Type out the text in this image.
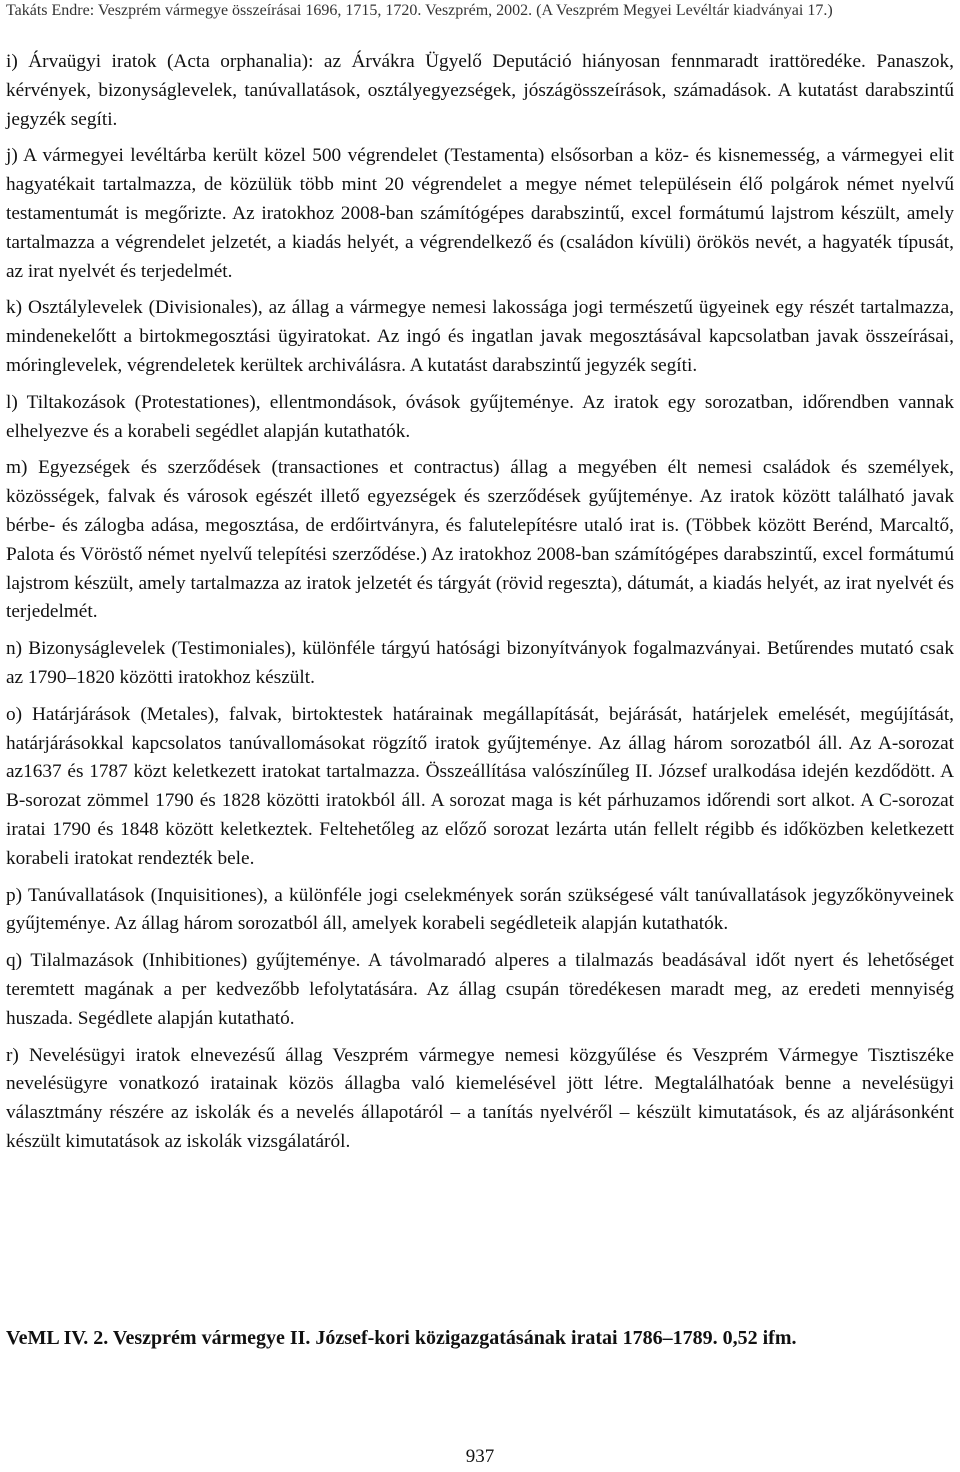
Takáts Endre: Veszprém vármegye összeírásai 1696, 1715, 1720. Veszprém, 2002. (A Veszprém Megyei Levéltár kiadványai 17.)

i) Árvaügyi iratok (Acta orphanalia): az Árvákra Ügyelő Deputáció hiányosan fennmaradt irattöredéke. Panaszok, kérvények, bizonyságlevelek, tanúvallatások, osztályegyezségek, jószágösszeírások, számadások. A kutatást darabszintű jegyzék segíti.

j) A vármegyei levéltárba került közel 500 végrendelet (Testamenta) elsősorban a köz- és kisnemesség, a vármegyei elit hagyatékait tartalmazza, de közülük több mint 20 végrendelet a megye német településein élő polgárok német nyelvű testamentumát is megőrizte. Az iratokhoz 2008-ban számítógépes darabszintű, excel formátumú lajstrom készült, amely tartalmazza a végrendelet jelzetét, a kiadás helyét, a végrendelkező és (családon kívüli) örökös nevét, a hagyaték típusát, az irat nyelvét és terjedelmét.

k) Osztálylevelek (Divisionales), az állag a vármegye nemesi lakossága jogi természetű ügyeinek egy részét tartalmazza, mindenekelőtt a birtokmegosztási ügyiratokat. Az ingó és ingatlan javak megosztásával kapcsolatban javak összeírásai, móringlevelek, végrendeletek kerültek archiválásra. A kutatást darabszintű jegyzék segíti.

l) Tiltakozások (Protestationes), ellentmondások, óvások gyűjteménye. Az iratok egy sorozatban, időrendben vannak elhelyezve és a korabeli segédlet alapján kutathatók.

m) Egyezségek és szerződések (transactiones et contractus) állag a megyében élt nemesi családok és személyek, közösségek, falvak és városok egészét illető egyezségek és szerződések gyűjteménye. Az iratok között található javak bérbe- és zálogba adása, megosztása, de erdőirtványra, és falutelepítésre utaló irat is. (Többek között Berénd, Marcaltő, Palota és Vöröstő német nyelvű telepítési szerződése.) Az iratokhoz 2008-ban számítógépes darabszintű, excel formátumú lajstrom készült, amely tartalmazza az iratok jelzetét és tárgyát (rövid regeszta), dátumát, a kiadás helyét, az irat nyelvét és terjedelmét.

n) Bizonyságlevelek (Testimoniales), különféle tárgyú hatósági bizonyítványok fogalmazványai. Betűrendes mutató csak az 1790–1820 közötti iratokhoz készült.

o) Határjárások (Metales), falvak, birtoktestek határainak megállapítását, bejárását, határjelek emelését, megújítását, határjárásokkal kapcsolatos tanúvallomásokat rögzítő iratok gyűjteménye. Az állag három sorozatból áll. Az A-sorozat az1637 és 1787 közt keletkezett iratokat tartalmazza. Összeállítása valószínűleg II. József uralkodása idején kezdődött. A B-sorozat zömmel 1790 és 1828 közötti iratokból áll. A sorozat maga is két párhuzamos időrendi sort alkot. A C-sorozat iratai 1790 és 1848 között keletkeztek. Feltehetőleg az előző sorozat lezárta után fellelt régibb és időközben keletkezett korabeli iratokat rendezték bele.

p) Tanúvallatások (Inquisitiones), a különféle jogi cselekmények során szükségesé vált tanúvallatások jegyzőkönyveinek gyűjteménye. Az állag három sorozatból áll, amelyek korabeli segédleteik alapján kutathatók.

q) Tilalmazások (Inhibitiones) gyűjteménye. A távolmaradó alperes a tilalmazás beadásával időt nyert és lehetőséget teremtett magának a per kedvezőbb lefolytatására. Az állag csupán töredékesen maradt meg, az eredeti mennyiség huszada. Segédlete alapján kutatható.

r) Nevelésügyi iratok elnevezésű állag Veszprém vármegye nemesi közgyűlése és Veszprém Vármegye Tisztiszéke nevelésügyre vonatkozó iratainak közös állagba való kiemelésével jött létre. Megtalálhatóak benne a nevelésügyi választmány részére az iskolák és a nevelés állapotáról – a tanítás nyelvéről – készült kimutatások, és az aljárásonként készült kimutatások az iskolák vizsgálatáról.

VeML IV. 2. Veszprém vármegye II. József-kori közigazgatásának iratai 1786–1789. 0,52 ifm.
937
